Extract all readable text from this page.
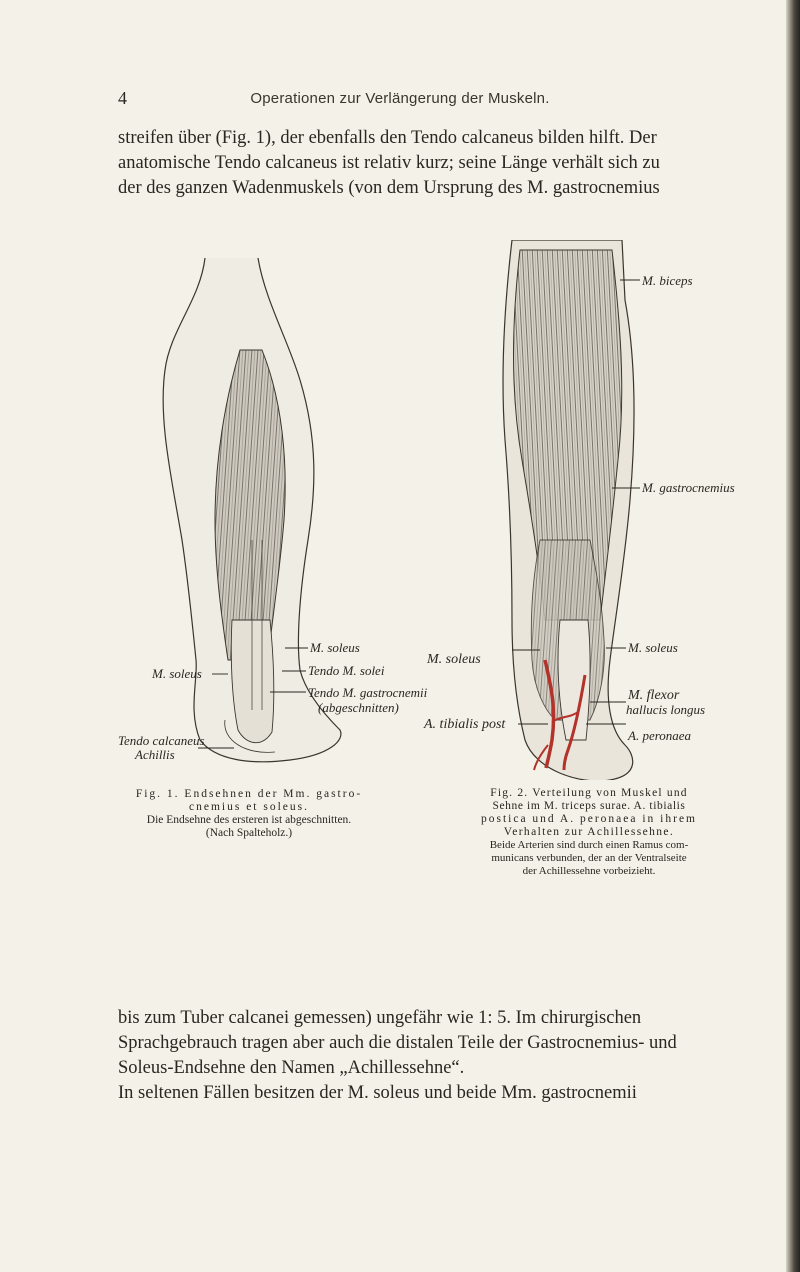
4	Operationen zur Verlängerung der Muskeln.
streifen über (Fig. 1), der ebenfalls den Tendo calcaneus bilden hilft. Der
anatomische Tendo calcaneus ist relativ kurz; seine Länge verhält sich zu
der des ganzen Wadenmuskels (von dem Ursprung des M. gastrocnemius
M. soleus
Tendo M. solei
M. soleus
Tendo M. gastrocnemii
(abgeschnitten)
Tendo calcaneus
Achillis
M. biceps
M. gastrocnemius
M. soleus
M. soleus
M. flexor
hallucis longus
A. tibialis post
A. peronaea
Fig. 1. Endsehnen der Mm. gastro-
cnemius et soleus.
Die Endsehne des ersteren ist abgeschnitten.
(Nach Spalteholz.)
Fig. 2. Verteilung von Muskel und
Sehne im M. triceps surae. A. tibialis
postica und A. peronaea in ihrem
Verhalten zur Achillessehne.
Beide Arterien sind durch einen Ramus com-
municans verbunden, der an der Ventralseite
der Achillessehne vorbeizieht.
bis zum Tuber calcanei gemessen) ungefähr wie 1: 5. Im chirurgischen
Sprachgebrauch tragen aber auch die distalen Teile der Gastrocnemius- und
Soleus-Endsehne den Namen „Achillessehne“.
In seltenen Fällen besitzen der M. soleus und beide Mm. gastrocnemii
